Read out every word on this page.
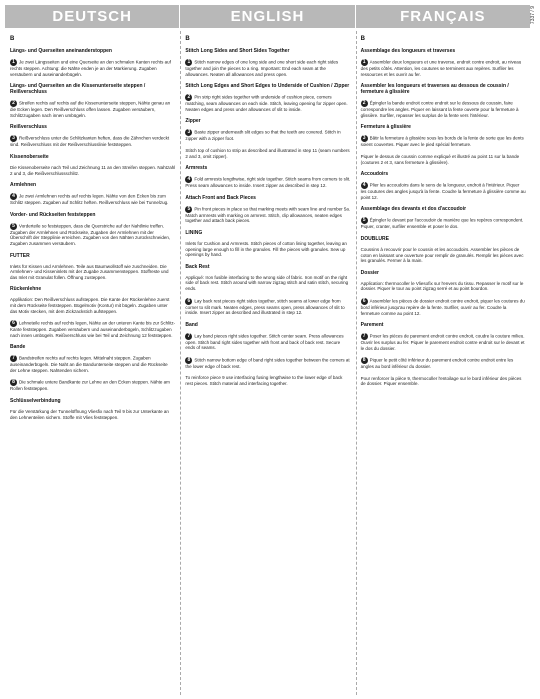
7337 / 9
DEUTSCH
B
Längs- und Querseiten aneinanderstoppen
1 Je zwei Längsseiten und eine Querseite an den schmalen Kanten rechts auf rechts steppen. Achtung: die Nähte enden je an der Markierung. Zugaben versäubern und auseinanderbügeln.
Längs- und Querseiten an die Kissenunterseite steppen / Reißverschluss
2 Streifen rechts auf rechts auf die Kissenunterseite steppen, Nähte genau an die Ecken legen. Den Reißverschluss offen lassen. Zugaben versäubern, Schlitzzugaben nach innen umbügeln.
Reißverschluss
3 Reißverschluss unter die Schlitzkanten heften, dass die Zähnchen verdeckt sind. Reißverschluss mit der Reißverschlusslinie feststeppen.
Kissenoberseite
Die Kissenoberseite nach Teil und Zeichnung 11 an den Streifen steppen. Nahtzahl 2 und 3, die Reißverschlussschlitz.
Armlehnen
4 Je zwei Armlehnen rechts auf rechts legen. Nähte von den Ecken bis zum Schlitz steppen. Zugaben auf Schlitz heften. Reißverschluss wie bei Tunnelzug.
Vorder- und Rückseiten feststeppen
5 Vorderteile so feststeppen, dass die Querstriche auf der Nahtlinie treffen. Zugaben der Armlehnen und Rückseite, Zugaben der Armlehnen mit der Überschrift der Stepplinie erreichen. Zugaben von den Nähten zurückschneiden, Zugaben zusammen versäubern.
FUTTER
Inlets für Kissen und Armlehnen. Teile aus Baumwollstoff wie zuschneiden. Die Armlehnen- und Kisseninlets mit der Zugabe zusammensteppen. Stoffreste und das Inlet mit Granulat füllen. Öffnung zusteppen.
Rückenlehne
Applikation: Den Reißverschluss aufsteppen. Die Kante der Rückenlehne zuerst mit dem Rückseite feststeppen. Bügelmotiv (Kontur) mit bügeln. Zugaben unter das Motiv stecken, mit dem Zickzackstich aufsteppen.
6 Lehneteile rechts auf rechts legen, Nähte an der unteren Kante bis zur Schlitz-Kante feststeppen. Zugaben versäubern und auseinanderbügeln, Schlitzzugaben nach innen umbügeln. Reißverschluss wie bei Teil und Zeichnung 12 feststeppen.
Bande
7 Bandstreifen rechts auf rechts legen. Mittelnaht steppen. Zugaben auseinanderbügeln. Die Naht an die Bandunterseite steppen und die Rückseite der Lehne steppen. Nahtenden sichern.
8 Die schmale untere Bandkante zur Lehne an den Ecken steppen. Nähte am Rollen feststeppen.
Schlüsselverbindung
Für die Verstärkung der Tunnelöffnung Vliesfix nach Teil 9 bis zur Unterkante an den Lehnenteilen sichern. Stoffe mit Vlies feststeppen.
ENGLISH
B
Stitch Long Sides and Short Sides Together
1 Stitch narrow edges of one long side and one short side each right sides together and join the pieces to a ring. Important: End each seam at the allowances. Neaten all allowances and press open.
Stitch Long Edges and Short Edges to Underside of Cushion / Zipper
2 Pin strip right sides together with underside of cushion piece, corners matching, seam allowances on each side. Stitch, leaving opening for zipper open. Neaten edges and press under allowances of slit to inside.
Zipper
3 Baste zipper underneath slit edges so that the teeth are covered. Stitch in zipper with a zipper foot.
Stitch top of cushion to strip as described and illustrated in step 11 (seam numbers 2 and 3, omit zipper).
Armrests
4 Fold armrests lengthwise, right side together. Stitch seams from corners to slit. Press seam allowances to inside. Insert zipper as described in step 12.
Attach Front and Back Pieces
5 Pin front pieces in place so that marking meets with seam line and number 5a. Match armrests with marking on armrest. Stitch, clip allowances, neaten edges together and attach back pieces.
LINING
Inlets for Cushion and Armrests. Stitch pieces of cotton lining together, leaving an opening large enough to fill in the granules. Fill the pieces with granules. Sew up openings by hand.
Back Rest
Appliqué: Iron fusible interfacing to the wrong side of fabric. Iron motif on the right side of back rest. Stitch around with narrow zigzag stitch and satin stitch, securing ends.
6 Lay back rest pieces right sides together, stitch seams at lower edge from corner to slit mark. Neaten edges, press seams open, press allowances of slit to inside. Insert zipper as described and illustrated in step 12.
Band
7 Lay band pieces right sides together. Stitch center seam. Press allowances open. Stitch band right sides together with front and back of back rest. Secure ends of seams.
8 Stitch narrow bottom edge of band right sides together between the corners at the lower edge of back rest.
To reinforce piece 9 use interfacing fusing lengthwise to the lower edge of back rest pieces. Stitch material and interfacing together.
FRANÇAIS
B
Assemblage des longueurs et traverses
1 Assembler deux longueurs et une traverse, endroit contre endroit, au niveau des petits côtés. Attention, les coutures se terminent aux repères. Surfiler les ressources et les ouvrir au fer.
Assembler les longueurs et traverses au dessous de coussin / fermeture à glissière
2 Épingler la bande endroit contre endroit sur le dessous de coussin, faire correspondre les angles. Piquer en laissant la fente ouverte pour la fermeture à glissière. Surfiler, repasser les surplus de la fente vers l'intérieur.
Fermeture à glissière
3 Bâtir la fermeture à glissière sous les bords de la fente de sorte que les dents soient couvertes. Piquer avec le pied spécial fermeture.
Piquer le dessus de coussin comme expliqué et illustré au point 11 sur la bande (coutures 2 et 3, sans fermeture à glissière).
Accoudoirs
4 Plier les accoudoirs dans le sens de la longueur, endroit à l'intérieur. Piquer les coutures des angles jusqu'à la fente. Coudre la fermeture à glissière comme au point 12.
Assemblage des devants et dos d'accoudoir
5 Épingler le devant par l'accoudoir de manière que les repères correspondent. Piquer, cranter, surfiler ensemble et poser le dos.
DOUBLURE
Coussins à recouvrir pour le coussin et les accoudoirs. Assembler les pièces de coton en laissant une ouverture pour remplir de granulés. Remplir les pièces avec les granulés. Fermer à la main.
Dossier
Application: thermocoller le Vliesofix sur l'envers du tissu. Repasser le motif sur le dossier. Piquer le tour au point zigzag serré et au point bourdon.
6 Assembler les pièces de dossier endroit contre endroit, piquer les coutures du bord inférieur jusqu'au repère de la fente. Surfiler, ouvrir au fer. Coudre la fermeture comme au point 12.
Parement
7 Poser les pièces de parement endroit contre endroit, coudre la couture milieu. Ouvrir les surplus au fer. Piquer le parement endroit contre endroit sur le devant et le dos du dossier.
8 Piquer le petit côté inférieur du parement endroit contre endroit entre les angles au bord inférieur du dossier.
Pour renforcer la pièce 9, thermocoller l'entoilage sur le bord inférieur des pièces de dossier. Piquer ensemble.
